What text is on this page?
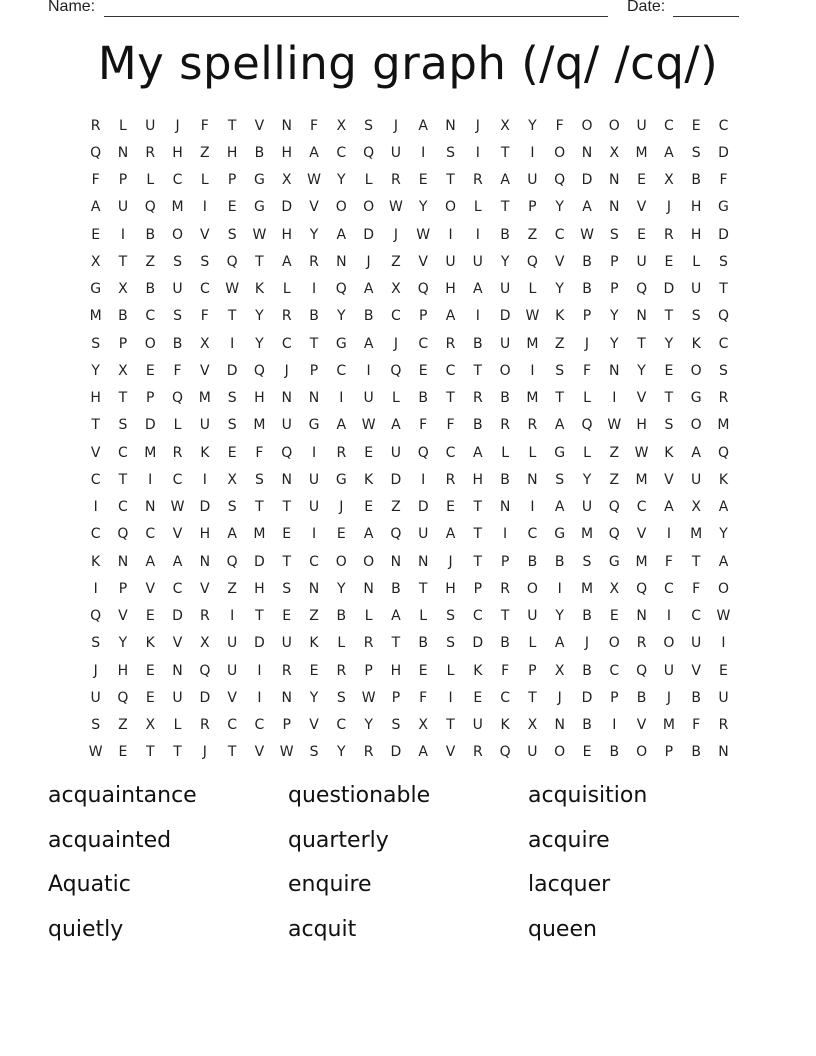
Name:	Date:
My spelling graph (/q/ /cq/)
R	L	U	J	F	T	V	N	F	X	S	J	A	N	J	X	Y	F	O	O	U	C	E	C
Q	N	R	H	Z	H	B	H	A	C	Q	U	I	S	I	T	I	O	N	X	M	A	S	D
F	P	L	C	L	P	G	X	W	Y	L	R	E	T	R	A	U	Q	D	N	E	X	B	F
A	U	Q	M	I	E	G	D	V	O	O	W	Y	O	L	T	P	Y	A	N	V	J	H	G
E	I	B	O	V	S	W	H	Y	A	D	J	W	I	I	B	Z	C	W	S	E	R	H	D
X	T	Z	S	S	Q	T	A	R	N	J	Z	V	U	U	Y	Q	V	B	P	U	E	L	S
G	X	B	U	C	W	K	L	I	Q	A	X	Q	H	A	U	L	Y	B	P	Q	D	U	T
M	B	C	S	F	T	Y	R	B	Y	B	C	P	A	I	D	W	K	P	Y	N	T	S	Q
S	P	O	B	X	I	Y	C	T	G	A	J	C	R	B	U	M	Z	J	Y	T	Y	K	C
Y	X	E	F	V	D	Q	J	P	C	I	Q	E	C	T	O	I	S	F	N	Y	E	O	S
H	T	P	Q	M	S	H	N	N	I	U	L	B	T	R	B	M	T	L	I	V	T	G	R
T	S	D	L	U	S	M	U	G	A	W	A	F	F	B	R	R	A	Q	W	H	S	O	M
V	C	M	R	K	E	F	Q	I	R	E	U	Q	C	A	L	L	G	L	Z	W	K	A	Q
C	T	I	C	I	X	S	N	U	G	K	D	I	R	H	B	N	S	Y	Z	M	V	U	K
I	C	N	W	D	S	T	T	U	J	E	Z	D	E	T	N	I	A	U	Q	C	A	X	A
C	Q	C	V	H	A	M	E	I	E	A	Q	U	A	T	I	C	G	M	Q	V	I	M	Y
K	N	A	A	N	Q	D	T	C	O	O	N	N	J	T	P	B	B	S	G	M	F	T	A
I	P	V	C	V	Z	H	S	N	Y	N	B	T	H	P	R	O	I	M	X	Q	C	F	O
Q	V	E	D	R	I	T	E	Z	B	L	A	L	S	C	T	U	Y	B	E	N	I	C	W
S	Y	K	V	X	U	D	U	K	L	R	T	B	S	D	B	L	A	J	O	R	O	U	I
J	H	E	N	Q	U	I	R	E	R	P	H	E	L	K	F	P	X	B	C	Q	U	V	E
U	Q	E	U	D	V	I	N	Y	S	W	P	F	I	E	C	T	J	D	P	B	J	B	U
S	Z	X	L	R	C	C	P	V	C	Y	S	X	T	U	K	X	N	B	I	V	M	F	R
W	E	T	T	J	T	V	W	S	Y	R	D	A	V	R	Q	U	O	E	B	O	P	B	N
acquaintance	questionable	acquisition
acquainted	quarterly	acquire
Aquatic	enquire	lacquer
quietly	acquit	queen
